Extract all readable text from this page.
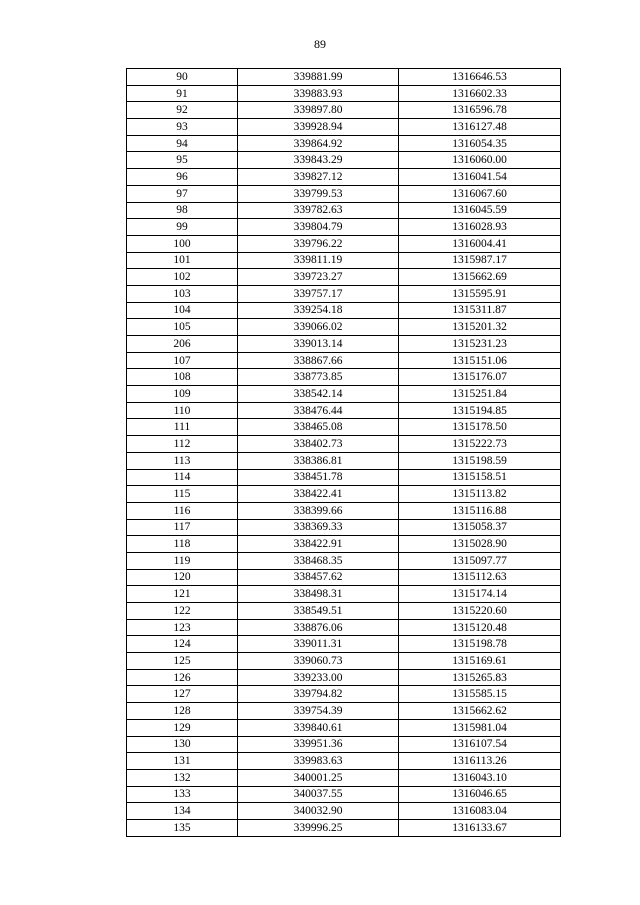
89
90	339881.99	1316646.53
91	339883.93	1316602.33
92	339897.80	1316596.78
93	339928.94	1316127.48
94	339864.92	1316054.35
95	339843.29	1316060.00
96	339827.12	1316041.54
97	339799.53	1316067.60
98	339782.63	1316045.59
99	339804.79	1316028.93
100	339796.22	1316004.41
101	339811.19	1315987.17
102	339723.27	1315662.69
103	339757.17	1315595.91
104	339254.18	1315311.87
105	339066.02	1315201.32
206	339013.14	1315231.23
107	338867.66	1315151.06
108	338773.85	1315176.07
109	338542.14	1315251.84
110	338476.44	1315194.85
111	338465.08	1315178.50
112	338402.73	1315222.73
113	338386.81	1315198.59
114	338451.78	1315158.51
115	338422.41	1315113.82
116	338399.66	1315116.88
117	338369.33	1315058.37
118	338422.91	1315028.90
119	338468.35	1315097.77
120	338457.62	1315112.63
121	338498.31	1315174.14
122	338549.51	1315220.60
123	338876.06	1315120.48
124	339011.31	1315198.78
125	339060.73	1315169.61
126	339233.00	1315265.83
127	339794.82	1315585.15
128	339754.39	1315662.62
129	339840.61	1315981.04
130	339951.36	1316107.54
131	339983.63	1316113.26
132	340001.25	1316043.10
133	340037.55	1316046.65
134	340032.90	1316083.04
135	339996.25	1316133.67
